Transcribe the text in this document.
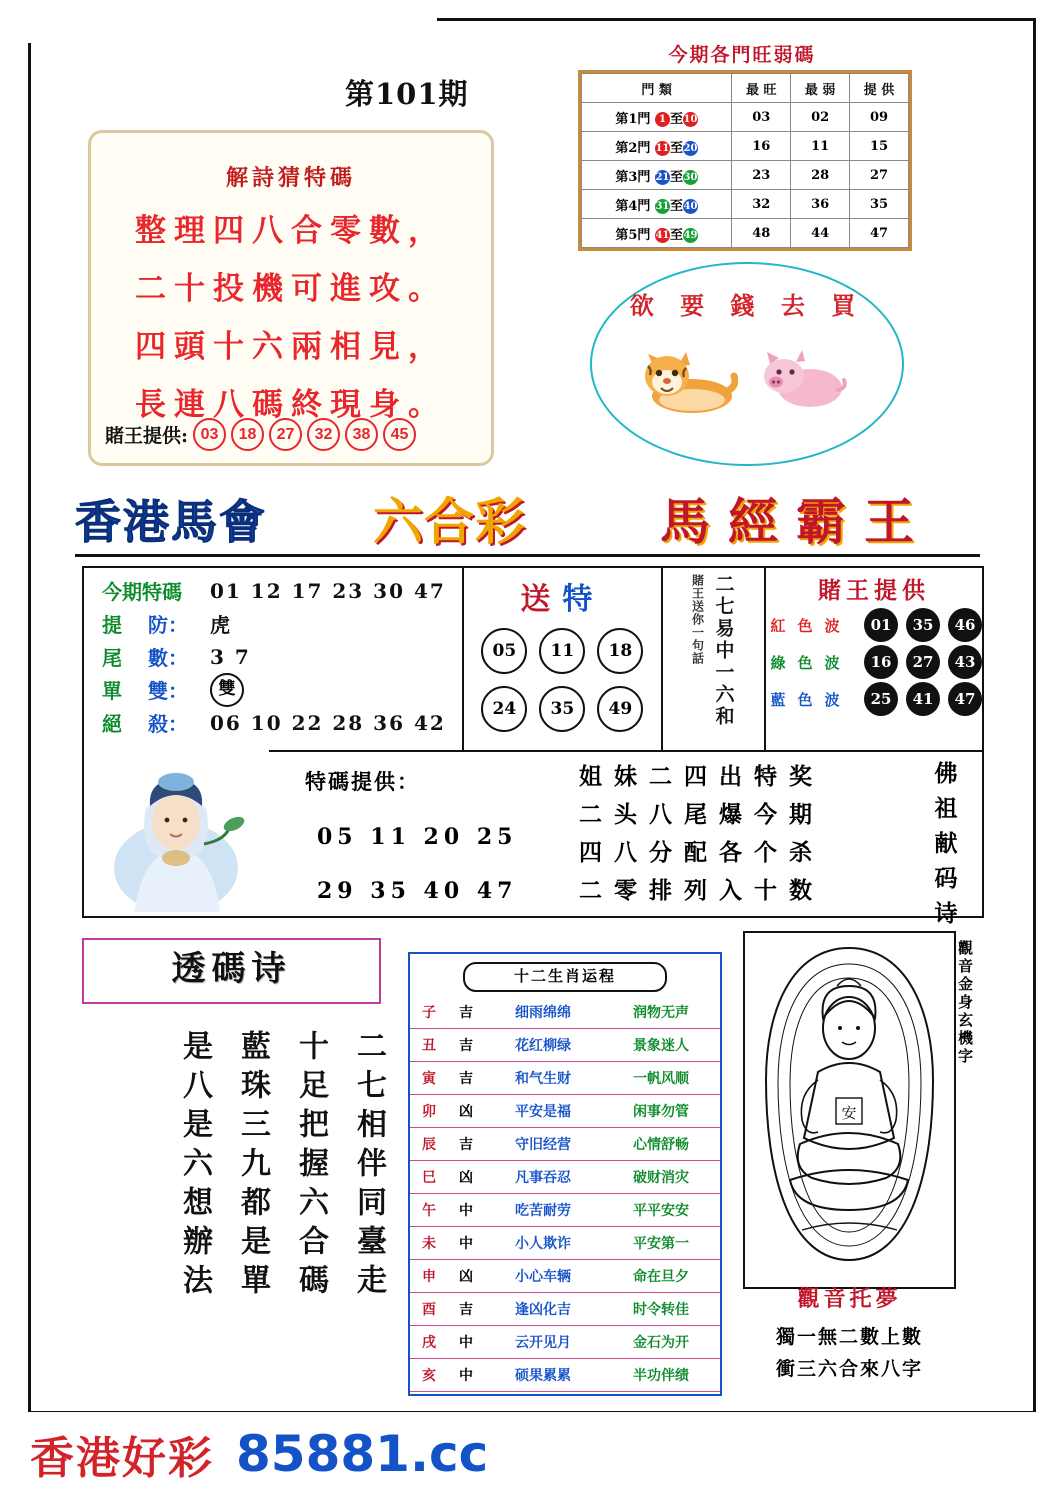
第101期
解詩猜特碼
整理四八合零數，
二十投機可進攻。
四頭十六兩相見，
長連八碼終現身。
賭王提供: 03	18	27	32	38	45
今期各門旺弱碼
門 類	最 旺	最 弱	提 供
第1門 1 至10	03	02	09
第2門 11至20	16	11	15
第3門 21至30	23	28	27
第4門 31至40	32	36	35
第5門 41至49	48	44	47
欲 要 錢 去 買
香港馬會 六合彩	馬經霸王
今期特碼	01 12 17 23 30 47
提	防：	虎
尾	數：	3 7
單	雙：	雙
絕	殺：	06 10 22 28 36 42
送特
05	11	18
24	35	49
賭王送你一句話 二七易中一六和	賭王提供
紅色波	01	35	46
綠色波	16	27	43
藍色波	25	41	47
特碼提供：
05 11 20 25
29 35 40 47
姐妹二四出特奖
二头八尾爆今期
四八分配各个杀
二零排列入十数
佛祖献码诗
透碼诗
二七相伴同臺走
十足把握六合碼
藍珠三九都是單
是八是六想辦法
十二生肖运程
子	吉	细雨绵绵	润物无声
丑	吉	花红柳绿	景象迷人
寅	吉	和气生财	一帆风顺
卯	凶	平安是福	闲事勿管
辰	吉	守旧经营	心情舒畅
巳	凶	凡事吞忍	破财消灾
午	中	吃苦耐劳	平平安安
未	中	小人欺诈	平安第一
申	凶	小心车辆	命在旦夕
酉	吉	逢凶化吉	时令转佳
戌	中	云开见月	金石为开
亥	中	硕果累累	半功伴绩
安
觀音金身玄機字
觀音托夢
獨一無二數上數
衝三六合來八字
香港好彩 85881.cc
